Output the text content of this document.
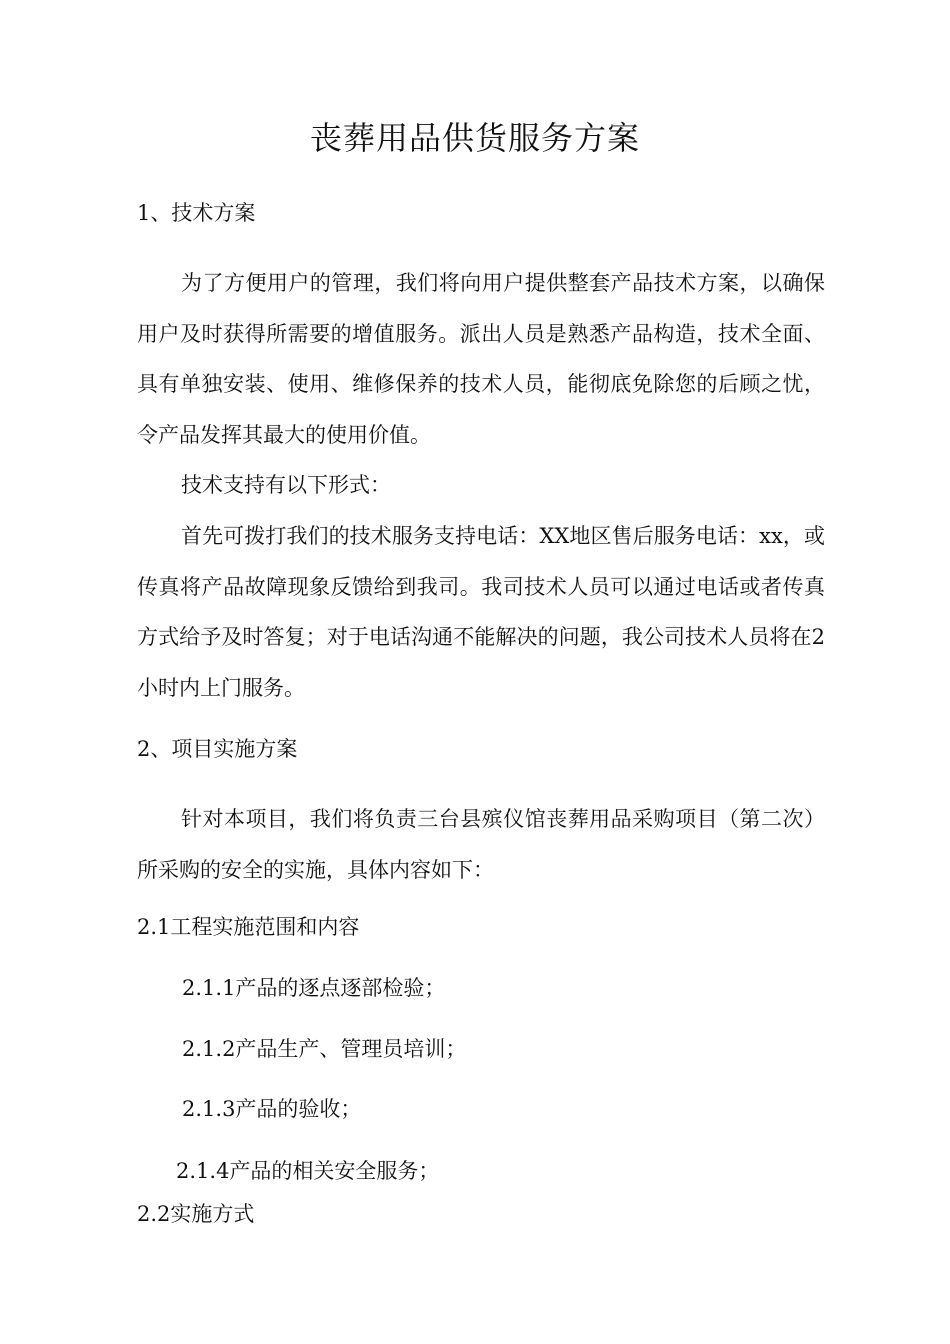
丧葬用品供货服务方案

1、技术方案

为了方便用户的管理，我们将向用户提供整套产品技术方案，以确保用户及时获得所需要的增值服务。派出人员是熟悉产品构造，技术全面、具有单独安装、使用、维修保养的技术人员，能彻底免除您的后顾之忧，令产品发挥其最大的使用价值。

技术支持有以下形式：

首先可拨打我们的技术服务支持电话：XX地区售后服务电话：xx，或传真将产品故障现象反馈给到我司。我司技术人员可以通过电话或者传真方式给予及时答复；对于电话沟通不能解决的问题，我公司技术人员将在2小时内上门服务。

2、项目实施方案

针对本项目，我们将负责三台县殡仪馆丧葬用品采购项目（第二次）所采购的安全的实施，具体内容如下：

2.1工程实施范围和内容

2.1.1产品的逐点逐部检验；

2.1.2产品生产、管理员培训；

2.1.3产品的验收；

2.1.4产品的相关安全服务；

2.2实施方式
